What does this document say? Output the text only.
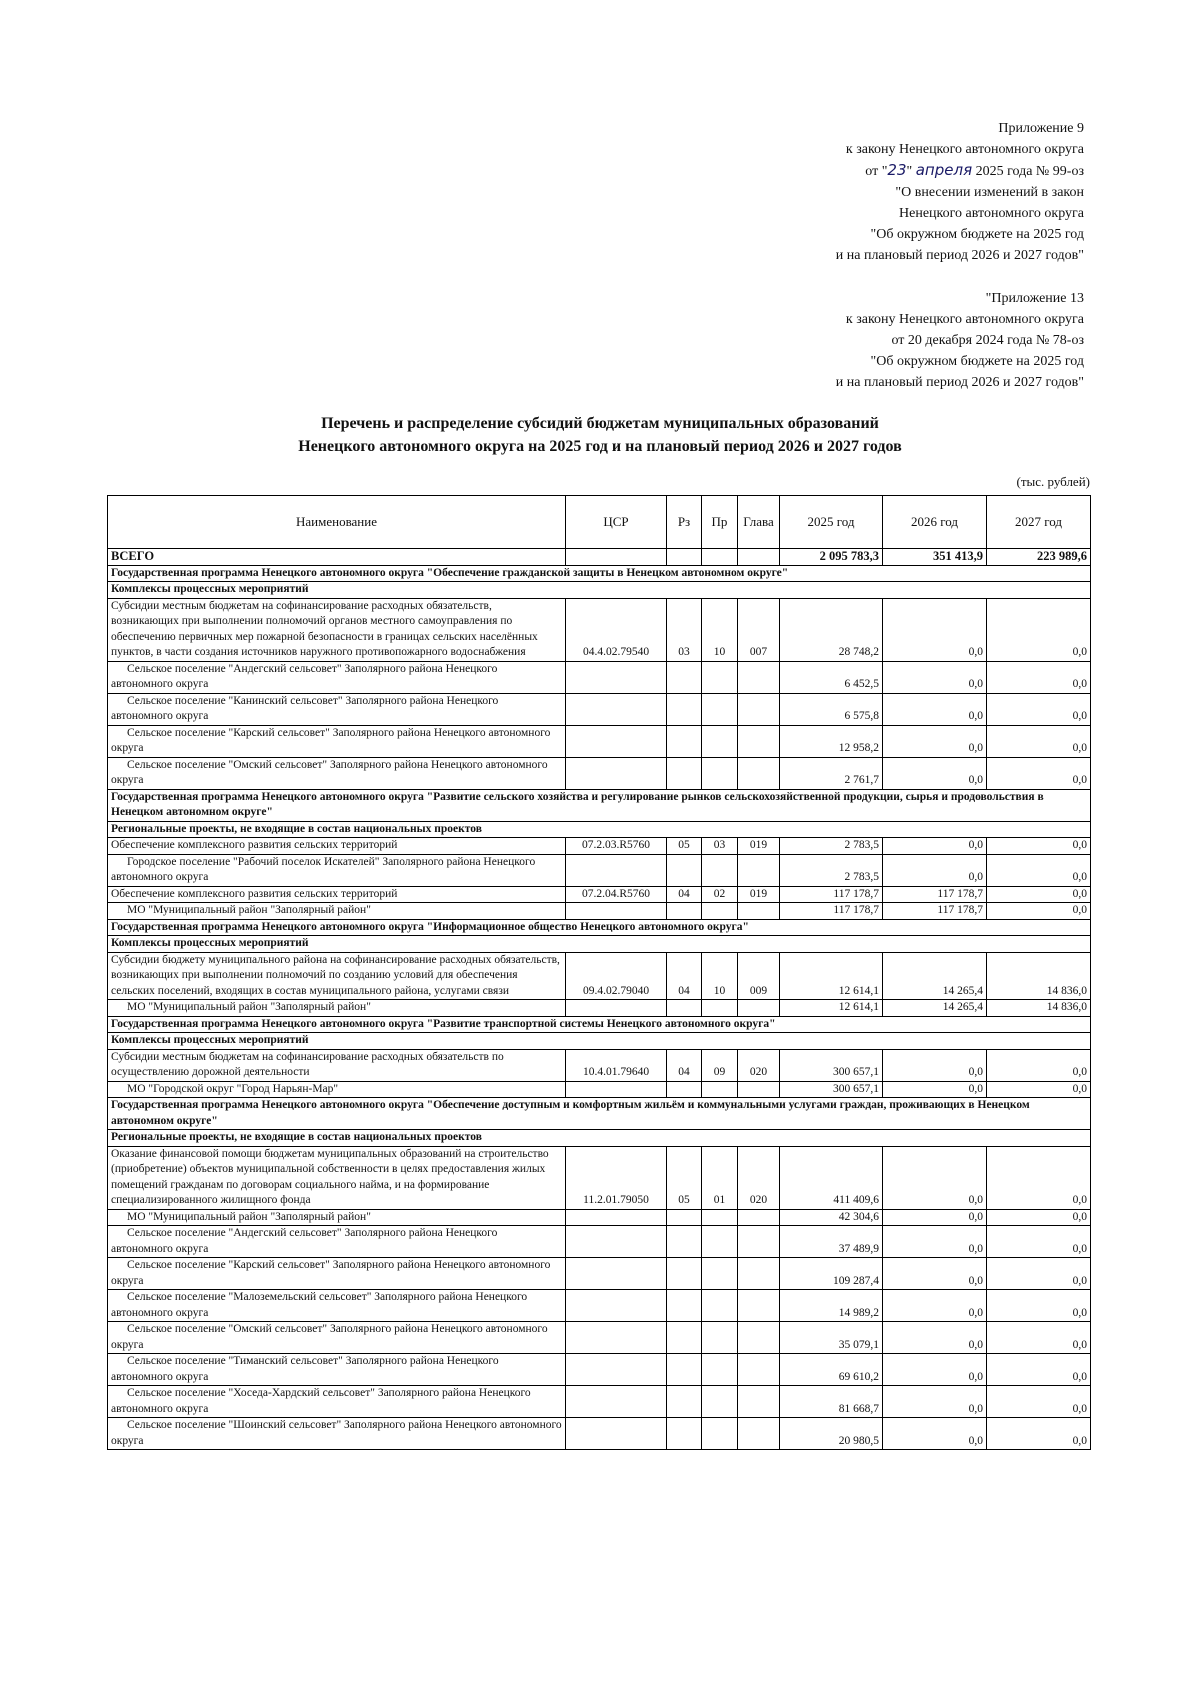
Приложение 9
к закону Ненецкого автономного округа
от "23" апреля 2025 года № 99-оз
"О внесении изменений в закон
Ненецкого автономного округа
"Об окружном бюджете на 2025 год
и на плановый период 2026 и 2027 годов"
"Приложение 13
к закону Ненецкого автономного округа
от 20 декабря 2024 года № 78-оз
"Об окружном бюджете на 2025 год
и на плановый период 2026 и 2027 годов"
Перечень и распределение субсидий бюджетам муниципальных образований
Ненецкого автономного округа на 2025 год и на плановый период 2026 и 2027 годов
(тыс. рублей)
Наименование	ЦСР	Рз	Пр	Глава	2025 год	2026 год	2027 год
ВСЕГО					2 095 783,3	351 413,9	223 989,6
Государственная программа Ненецкого автономного округа "Обеспечение гражданской защиты в Ненецком автономном округе"							
Комплексы процессных мероприятий							
Субсидии местным бюджетам на софинансирование расходных обязательств, возникающих при выполнении полномочий органов местного самоуправления по обеспечению первичных мер пожарной безопасности в границах сельских населённых пунктов, в части создания источников наружного противопожарного водоснабжения	04.4.02.79540	03	10	007	28 748,2	0,0	0,0
Сельское поселение "Андегский сельсовет" Заполярного района Ненецкого автономного округа					6 452,5	0,0	0,0
Сельское поселение "Канинский сельсовет" Заполярного района Ненецкого автономного округа					6 575,8	0,0	0,0
Сельское поселение "Карский сельсовет" Заполярного района Ненецкого автономного округа					12 958,2	0,0	0,0
Сельское поселение "Омский сельсовет" Заполярного района Ненецкого автономного округа					2 761,7	0,0	0,0
Государственная программа Ненецкого автономного округа "Развитие сельского хозяйства и регулирование рынков сельскохозяйственной продукции, сырья и продовольствия в Ненецком автономном округе"							
Региональные проекты, не входящие в состав национальных проектов							
Обеспечение комплексного развития сельских территорий	07.2.03.R5760	05	03	019	2 783,5	0,0	0,0
Городское поселение "Рабочий поселок Искателей" Заполярного района Ненецкого автономного округа					2 783,5	0,0	0,0
Обеспечение комплексного развития сельских территорий	07.2.04.R5760	04	02	019	117 178,7	117 178,7	0,0
МО "Муниципальный район "Заполярный район"					117 178,7	117 178,7	0,0
Государственная программа Ненецкого автономного округа "Информационное общество Ненецкого автономного округа"							
Комплексы процессных мероприятий							
Субсидии бюджету муниципального района на софинансирование расходных обязательств, возникающих при выполнении полномочий по созданию условий для обеспечения сельских поселений, входящих в состав муниципального района, услугами связи	09.4.02.79040	04	10	009	12 614,1	14 265,4	14 836,0
МО "Муниципальный район "Заполярный район"					12 614,1	14 265,4	14 836,0
Государственная программа Ненецкого автономного округа "Развитие транспортной системы Ненецкого автономного округа"							
Комплексы процессных мероприятий							
Субсидии местным бюджетам на софинансирование расходных обязательств по осуществлению дорожной деятельности	10.4.01.79640	04	09	020	300 657,1	0,0	0,0
МО "Городской округ "Город Нарьян-Мар"					300 657,1	0,0	0,0
Государственная программа Ненецкого автономного округа "Обеспечение доступным и комфортным жильём и коммунальными услугами граждан, проживающих в Ненецком автономном округе"							
Региональные проекты, не входящие в состав национальных проектов							
Оказание финансовой помощи бюджетам муниципальных образований на строительство (приобретение) объектов муниципальной собственности в целях предоставления жилых помещений гражданам по договорам социального найма, и на формирование специализированного жилищного фонда	11.2.01.79050	05	01	020	411 409,6	0,0	0,0
МО "Муниципальный район "Заполярный район"					42 304,6	0,0	0,0
Сельское поселение "Андегский сельсовет" Заполярного района Ненецкого автономного округа					37 489,9	0,0	0,0
Сельское поселение "Карский сельсовет" Заполярного района Ненецкого автономного округа					109 287,4	0,0	0,0
Сельское поселение "Малоземельский сельсовет" Заполярного района Ненецкого автономного округа					14 989,2	0,0	0,0
Сельское поселение "Омский сельсовет" Заполярного района Ненецкого автономного округа					35 079,1	0,0	0,0
Сельское поселение "Тиманский сельсовет" Заполярного района Ненецкого автономного округа					69 610,2	0,0	0,0
Сельское поселение "Хоседа-Хардский сельсовет" Заполярного района Ненецкого автономного округа					81 668,7	0,0	0,0
Сельское поселение "Шоинский сельсовет" Заполярного района Ненецкого автономного округа					20 980,5	0,0	0,0
